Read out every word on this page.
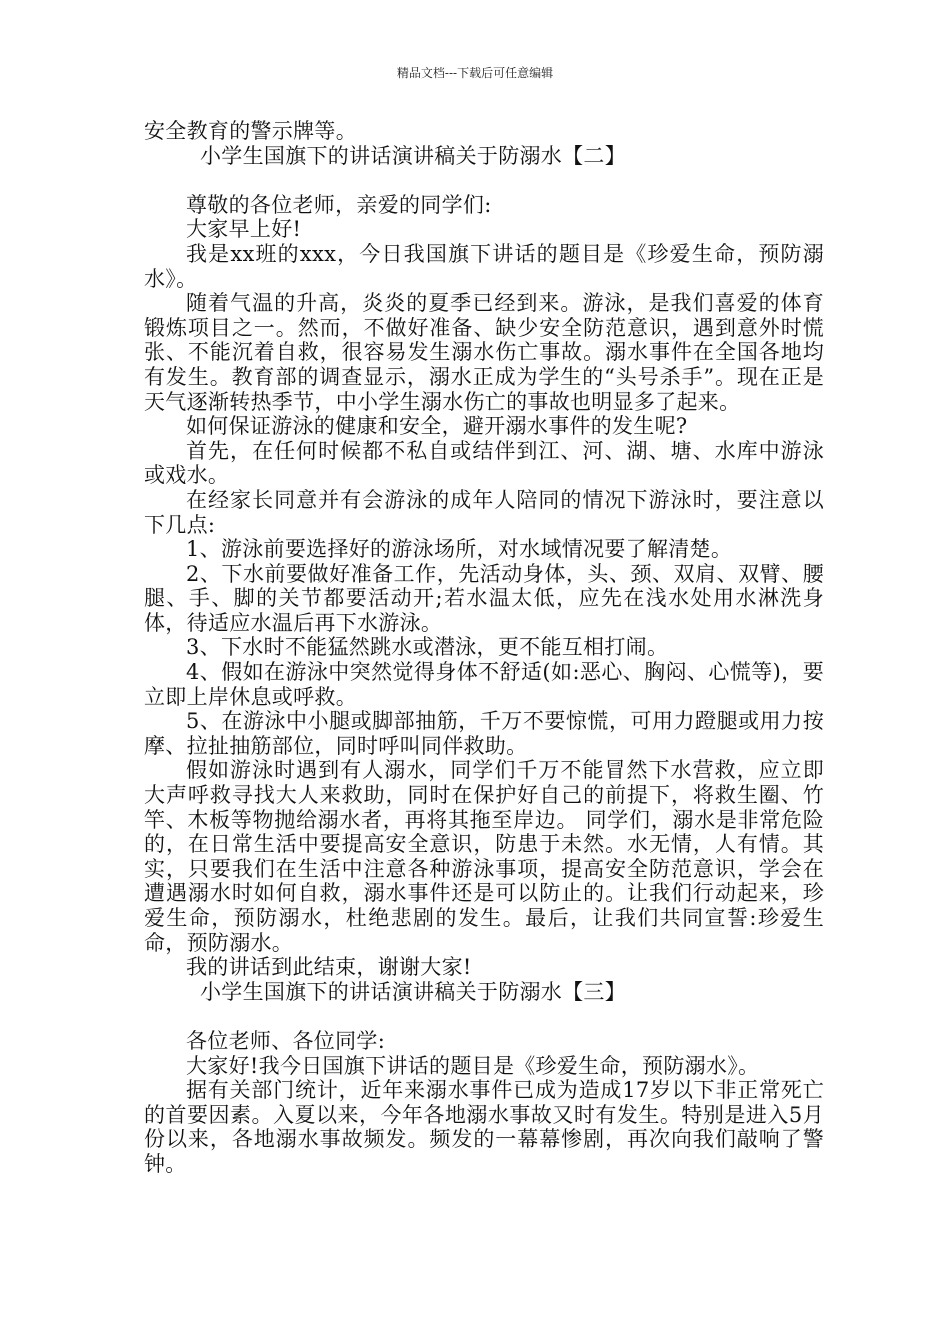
精品文档---下载后可任意编辑

安全教育的警示牌等。

小学生国旗下的讲话演讲稿关于防溺水【二】

尊敬的各位老师，亲爱的同学们:

大家早上好!

我是xx班的xxx，今日我国旗下讲话的题目是《珍爱生命，预防溺水》。

随着气温的升高，炎炎的夏季已经到来。游泳，是我们喜爱的体育锻炼项目之一。然而，不做好准备、缺少安全防范意识，遇到意外时慌张、不能沉着自救，很容易发生溺水伤亡事故。溺水事件在全国各地均有发生。教育部的调查显示，溺水正成为学生的“头号杀手”。现在正是天气逐渐转热季节，中小学生溺水伤亡的事故也明显多了起来。

如何保证游泳的健康和安全，避开溺水事件的发生呢?

首先，在任何时候都不私自或结伴到江、河、湖、塘、水库中游泳或戏水。

在经家长同意并有会游泳的成年人陪同的情况下游泳时，要注意以下几点:

1、游泳前要选择好的游泳场所，对水域情况要了解清楚。

2、下水前要做好准备工作，先活动身体，头、颈、双肩、双臂、腰腿、手、脚的关节都要活动开;若水温太低，应先在浅水处用水淋洗身体，待适应水温后再下水游泳。

3、下水时不能猛然跳水或潜泳，更不能互相打闹。

4、假如在游泳中突然觉得身体不舒适(如:恶心、胸闷、心慌等)，要立即上岸休息或呼救。

5、在游泳中小腿或脚部抽筋，千万不要惊慌，可用力蹬腿或用力按摩、拉扯抽筋部位，同时呼叫同伴救助。

假如游泳时遇到有人溺水，同学们千万不能冒然下水营救，应立即大声呼救寻找大人来救助，同时在保护好自己的前提下，将救生圈、竹竿、木板等物抛给溺水者，再将其拖至岸边。 同学们，溺水是非常危险的，在日常生活中要提高安全意识，防患于未然。水无情，人有情。其实，只要我们在生活中注意各种游泳事项，提高安全防范意识，学会在遭遇溺水时如何自救，溺水事件还是可以防止的。让我们行动起来，珍爱生命，预防溺水，杜绝悲剧的发生。最后，让我们共同宣誓:珍爱生命，预防溺水。

我的讲话到此结束，谢谢大家!

小学生国旗下的讲话演讲稿关于防溺水【三】

各位老师、各位同学:

大家好!我今日国旗下讲话的题目是《珍爱生命，预防溺水》。

据有关部门统计，近年来溺水事件已成为造成17岁以下非正常死亡的首要因素。入夏以来，今年各地溺水事故又时有发生。特别是进入5月份以来，各地溺水事故频发。频发的一幕幕惨剧，再次向我们敲响了警钟。
